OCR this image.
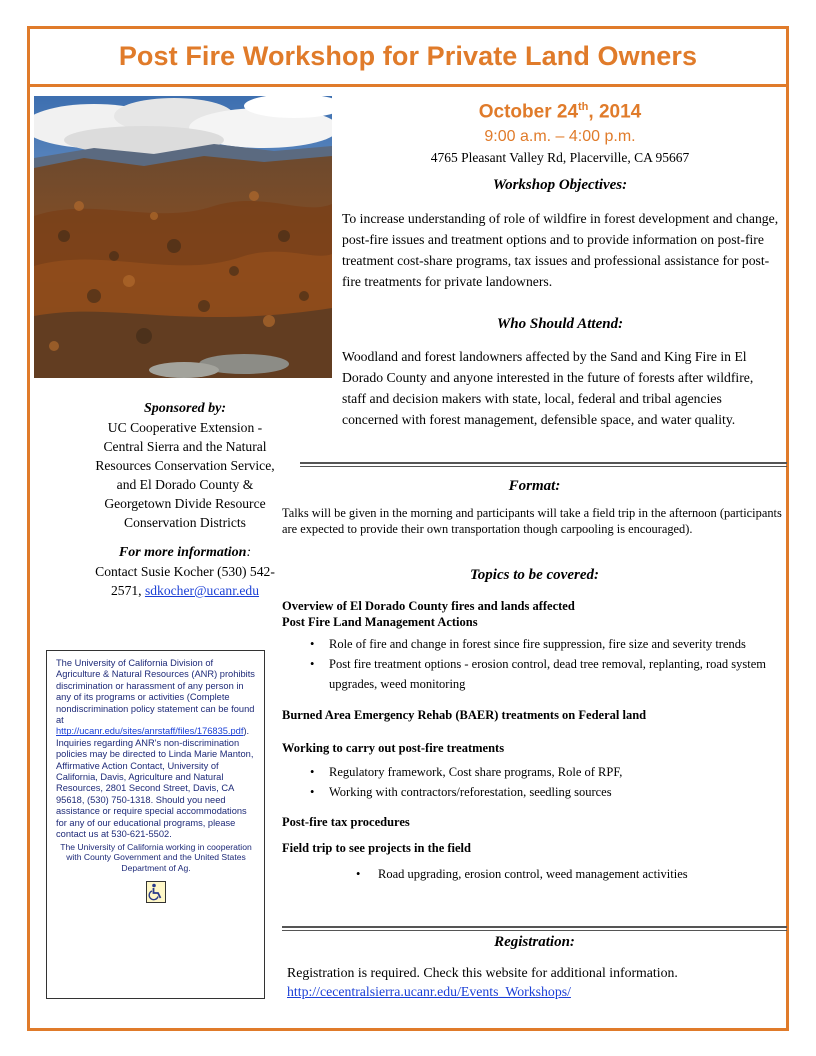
Post Fire Workshop for Private Land Owners
Sponsored by:
UC Cooperative Extension -
Central Sierra and the Natural
Resources Conservation Service,
and El Dorado County &
Georgetown Divide Resource
Conservation Districts
For more information:
Contact Susie Kocher (530) 542-
2571, sdkocher@ucanr.edu
The University of California Division of Agriculture & Natural Resources (ANR) prohibits discrimination or harassment of any person in any of its programs or activities (Complete nondiscrimination policy statement can be found at http://ucanr.edu/sites/anrstaff/files/176835.pdf). Inquiries regarding ANR's non-discrimination policies may be directed to Linda Marie Manton, Affirmative Action Contact, University of California, Davis, Agriculture and Natural Resources, 2801 Second Street, Davis, CA 95618, (530) 750-1318. Should you need assistance or require special accommodations for any of our educational programs, please contact us at 530-621-5502.
The University of California working in cooperation with County Government and the United States Department of Ag.
October 24th, 2014
9:00 a.m. – 4:00 p.m.
4765 Pleasant Valley Rd, Placerville, CA 95667
Workshop Objectives:
To increase understanding of role of wildfire in forest development and change, post-fire issues and treatment options and to provide information on post-fire treatment cost-share programs, tax issues and professional assistance for post-fire treatments for private landowners.
Who Should Attend:
Woodland and forest landowners affected by the Sand and King Fire in El Dorado County and anyone interested in the future of forests after wildfire, staff and decision makers with state, local, federal and tribal agencies concerned with forest management, defensible space, and water quality.
Format:
Talks will be given in the morning and participants will take a field trip in the afternoon (participants are expected to provide their own transportation though carpooling is encouraged).
Topics to be covered:
Overview of El Dorado County fires and lands affected
Post Fire Land Management Actions
• Role of fire and change in forest since fire suppression, fire size and severity trends
• Post fire treatment options - erosion control, dead tree removal, replanting, road system upgrades, weed monitoring
Burned Area Emergency Rehab (BAER) treatments on Federal land
Working to carry out post-fire treatments
• Regulatory framework, Cost share programs, Role of RPF,
• Working with contractors/reforestation, seedling sources
Post-fire tax procedures
Field trip to see projects in the field
• Road upgrading, erosion control, weed management activities
Registration:
Registration is required. Check this website for additional information.
http://cecentralsierra.ucanr.edu/Events_Workshops/
